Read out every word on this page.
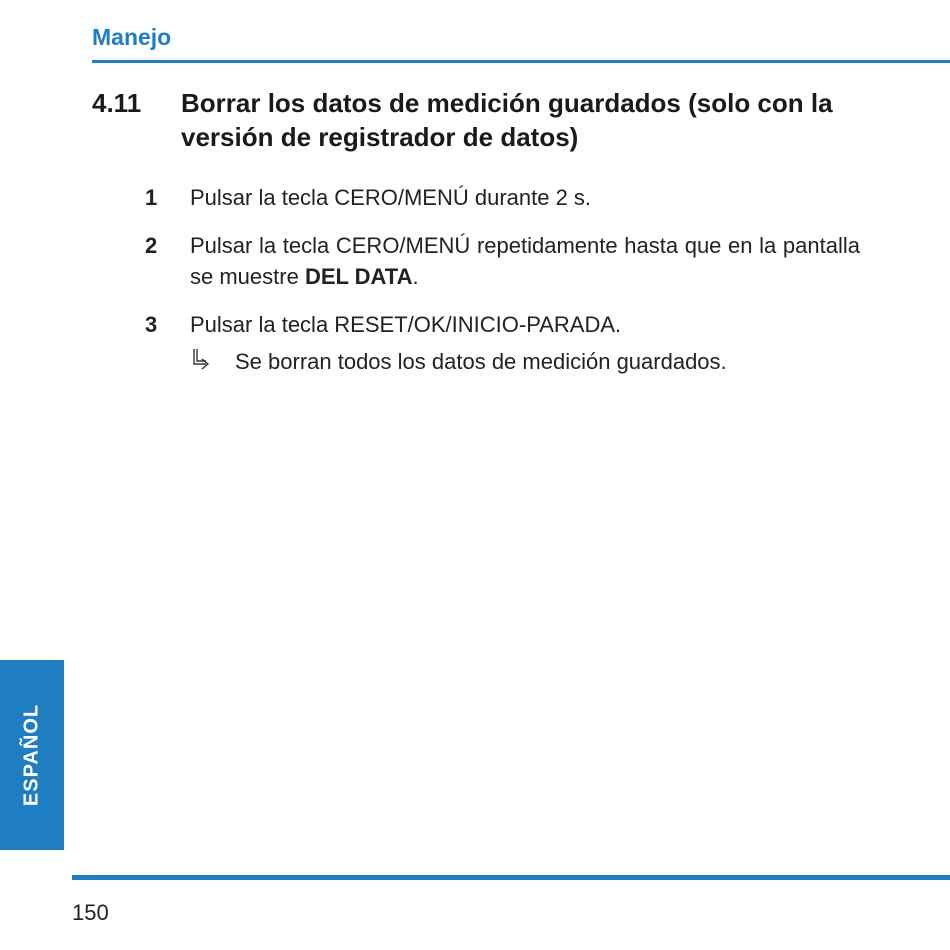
Manejo
4.11 Borrar los datos de medición guardados (solo con la versión de registrador de datos)
1 Pulsar la tecla CERO/MENÚ durante 2 s.
2 Pulsar la tecla CERO/MENÚ repetidamente hasta que en la pantalla se muestre DEL DATA.
3 Pulsar la tecla RESET/OK/INICIO-PARADA.
Se borran todos los datos de medición guardados.
ESPAÑOL
150
